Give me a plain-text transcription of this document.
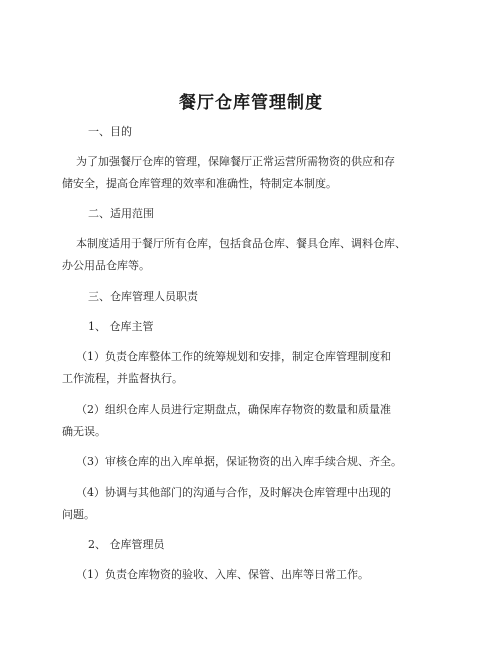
餐厅仓库管理制度
一、目的
为了加强餐厅仓库的管理，保障餐厅正常运营所需物资的供应和存
储安全，提高仓库管理的效率和准确性，特制定本制度。
二、适用范围
本制度适用于餐厅所有仓库，包括食品仓库、餐具仓库、调料仓库、
办公用品仓库等。
三、仓库管理人员职责
1、 仓库主管
（1）负责仓库整体工作的统筹规划和安排，制定仓库管理制度和
工作流程，并监督执行。
（2）组织仓库人员进行定期盘点，确保库存物资的数量和质量准
确无误。
（3）审核仓库的出入库单据，保证物资的出入库手续合规、齐全。
（4）协调与其他部门的沟通与合作，及时解决仓库管理中出现的
问题。
2、 仓库管理员
（1）负责仓库物资的验收、入库、保管、出库等日常工作。
